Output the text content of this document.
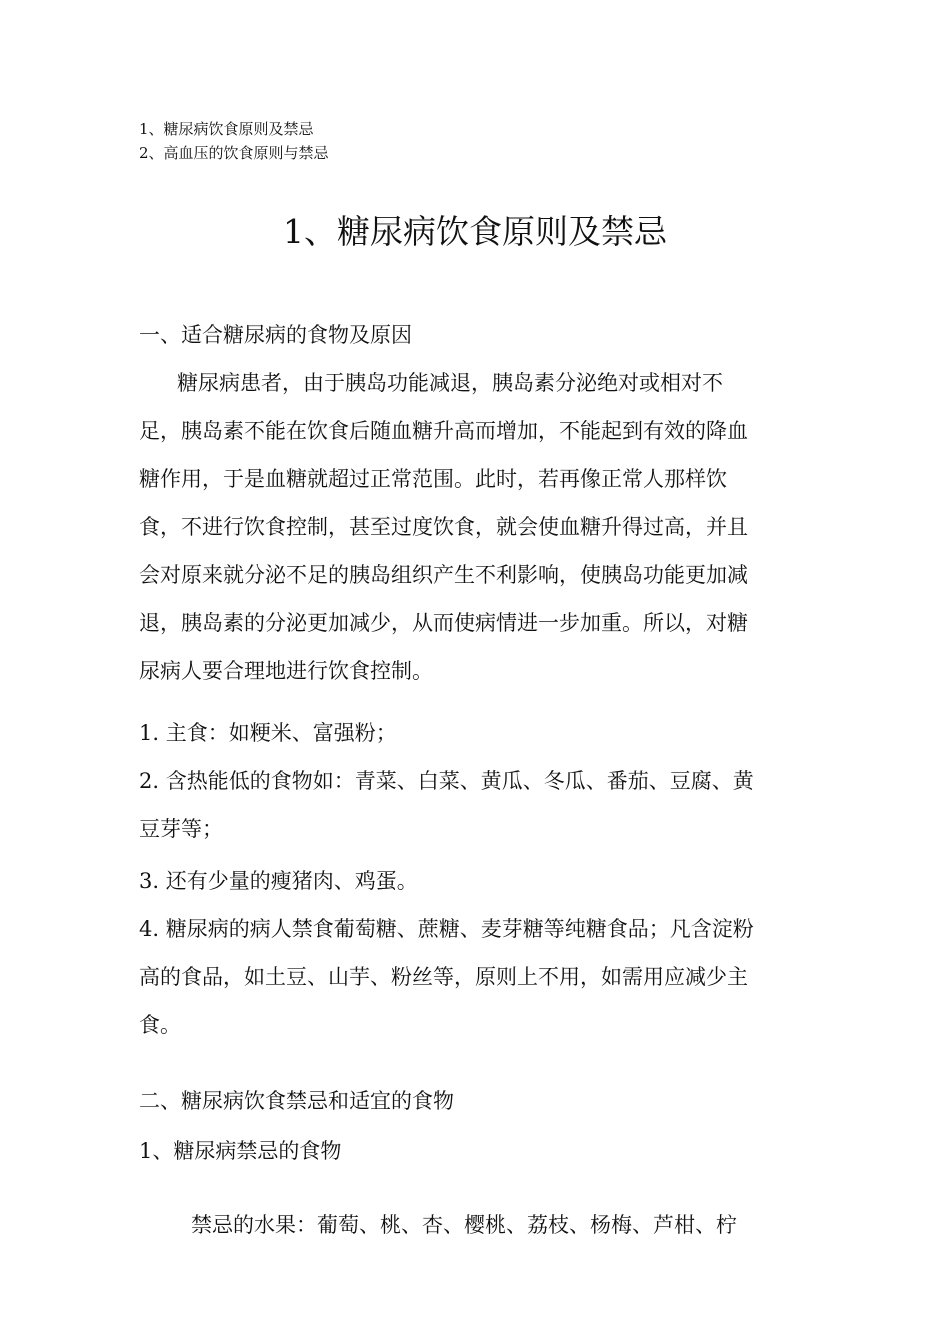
1、糖尿病饮食原则及禁忌
2、高血压的饮食原则与禁忌
1、糖尿病饮食原则及禁忌
一、适合糖尿病的食物及原因
糖尿病患者，由于胰岛功能减退，胰岛素分泌绝对或相对不
足，胰岛素不能在饮食后随血糖升高而增加，不能起到有效的降血
糖作用，于是血糖就超过正常范围。此时，若再像正常人那样饮
食，不进行饮食控制，甚至过度饮食，就会使血糖升得过高，并且
会对原来就分泌不足的胰岛组织产生不利影响，使胰岛功能更加减
退，胰岛素的分泌更加减少，从而使病情进一步加重。所以，对糖
尿病人要合理地进行饮食控制。
1. 主食：如粳米、富强粉；
2. 含热能低的食物如：青菜、白菜、黄瓜、冬瓜、番茄、豆腐、黄
豆芽等；
3. 还有少量的瘦猪肉、鸡蛋。
4. 糖尿病的病人禁食葡萄糖、蔗糖、麦芽糖等纯糖食品；凡含淀粉
高的食品，如土豆、山芋、粉丝等，原则上不用，如需用应减少主
食。
二、糖尿病饮食禁忌和适宜的食物
1、糖尿病禁忌的食物
禁忌的水果：葡萄、桃、杏、樱桃、荔枝、杨梅、芦柑、柠
